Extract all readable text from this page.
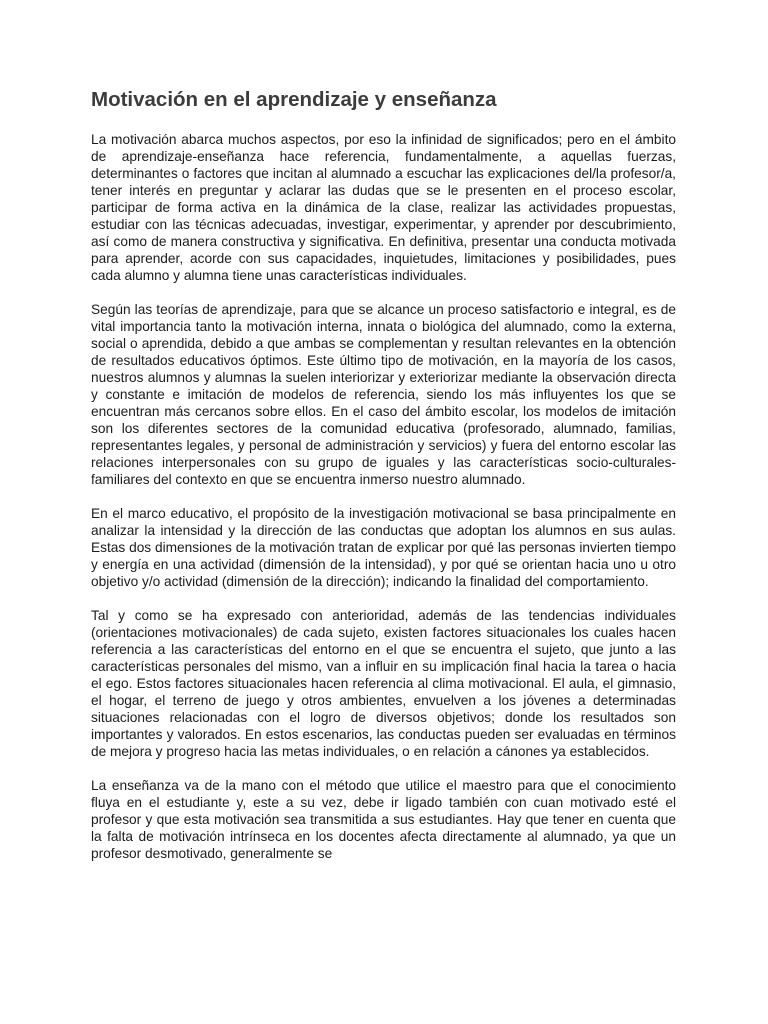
Motivación en el aprendizaje y enseñanza

La motivación abarca muchos aspectos, por eso la infinidad de significados; pero en el ámbito de aprendizaje-enseñanza hace referencia, fundamentalmente, a aquellas fuerzas, determinantes o factores que incitan al alumnado a escuchar las explicaciones del/la profesor/a, tener interés en preguntar y aclarar las dudas que se le presenten en el proceso escolar, participar de forma activa en la dinámica de la clase, realizar las actividades propuestas, estudiar con las técnicas adecuadas, investigar, experimentar, y aprender por descubrimiento, así como de manera constructiva y significativa. En definitiva, presentar una conducta motivada para aprender, acorde con sus capacidades, inquietudes, limitaciones y posibilidades, pues cada alumno y alumna tiene unas características individuales.

Según las teorías de aprendizaje, para que se alcance un proceso satisfactorio e integral, es de vital importancia tanto la motivación interna, innata o biológica del alumnado, como la externa, social o aprendida, debido a que ambas se complementan y resultan relevantes en la obtención de resultados educativos óptimos. Este último tipo de motivación, en la mayoría de los casos, nuestros alumnos y alumnas la suelen interiorizar y exteriorizar mediante la observación directa y constante e imitación de modelos de referencia, siendo los más influyentes los que se encuentran más cercanos sobre ellos. En el caso del ámbito escolar, los modelos de imitación son los diferentes sectores de la comunidad educativa (profesorado, alumnado, familias, representantes legales, y personal de administración y servicios) y fuera del entorno escolar las relaciones interpersonales con su grupo de iguales y las características socio-culturales-familiares del contexto en que se encuentra inmerso nuestro alumnado.

En el marco educativo, el propósito de la investigación motivacional se basa principalmente en analizar la intensidad y la dirección de las conductas que adoptan los alumnos en sus aulas. Estas dos dimensiones de la motivación tratan de explicar por qué las personas invierten tiempo y energía en una actividad (dimensión de la intensidad), y por qué se orientan hacia uno u otro objetivo y/o actividad (dimensión de la dirección); indicando la finalidad del comportamiento.

Tal y como se ha expresado con anterioridad, además de las tendencias individuales (orientaciones motivacionales) de cada sujeto, existen factores situacionales los cuales hacen referencia a las características del entorno en el que se encuentra el sujeto, que junto a las características personales del mismo, van a influir en su implicación final hacia la tarea o hacia el ego. Estos factores situacionales hacen referencia al clima motivacional. El aula, el gimnasio, el hogar, el terreno de juego y otros ambientes, envuelven a los jóvenes a determinadas situaciones relacionadas con el logro de diversos objetivos; donde los resultados son importantes y valorados. En estos escenarios, las conductas pueden ser evaluadas en términos de mejora y progreso hacia las metas individuales, o en relación a cánones ya establecidos.

La enseñanza va de la mano con el método que utilice el maestro para que el conocimiento fluya en el estudiante y, este a su vez, debe ir ligado también con cuan motivado esté el profesor y que esta motivación sea transmitida a sus estudiantes. Hay que tener en cuenta que la falta de motivación intrínseca en los docentes afecta directamente al alumnado, ya que un profesor desmotivado, generalmente se
